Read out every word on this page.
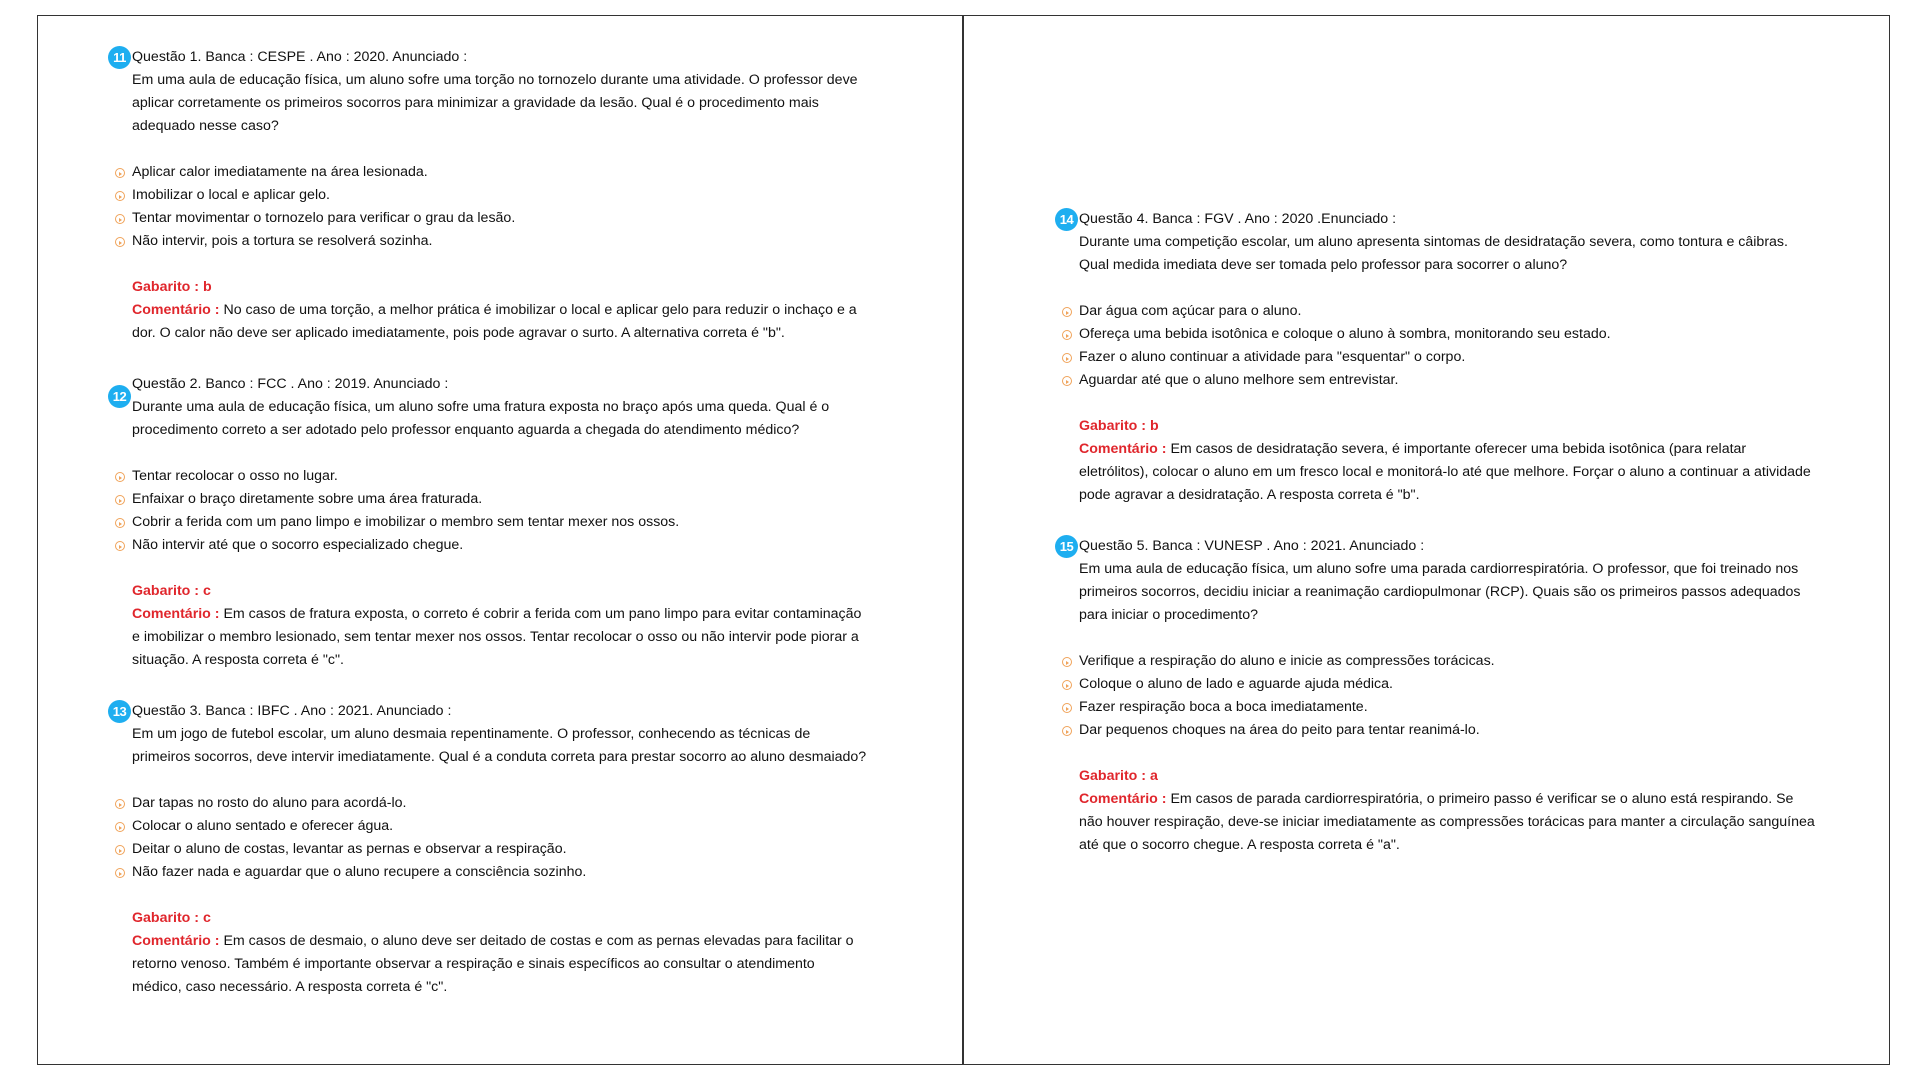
11 Questão 1. Banca : CESPE . Ano : 2020. Anunciado :

Em uma aula de educação física, um aluno sofre uma torção no tornozelo durante uma atividade. O professor deve aplicar corretamente os primeiros socorros para minimizar a gravidade da lesão. Qual é o procedimento mais adequado nesse caso?

Aplicar calor imediatamente na área lesionada.

Imobilizar o local e aplicar gelo.

Tentar movimentar o tornozelo para verificar o grau da lesão.

Não intervir, pois a tortura se resolverá sozinha.

Gabarito : b

Comentário : No caso de uma torção, a melhor prática é imobilizar o local e aplicar gelo para reduzir o inchaço e a dor. O calor não deve ser aplicado imediatamente, pois pode agravar o surto. A alternativa correta é "b".

12

Questão 2. Banco : FCC . Ano : 2019. Anunciado :

Durante uma aula de educação física, um aluno sofre uma fratura exposta no braço após uma queda. Qual é o procedimento correto a ser adotado pelo professor enquanto aguarda a chegada do atendimento médico?

Tentar recolocar o osso no lugar.

Enfaixar o braço diretamente sobre uma área fraturada.

Cobrir a ferida com um pano limpo e imobilizar o membro sem tentar mexer nos ossos.

Não intervir até que o socorro especializado chegue.

Gabarito : c

Comentário : Em casos de fratura exposta, o correto é cobrir a ferida com um pano limpo para evitar contaminação e imobilizar o membro lesionado, sem tentar mexer nos ossos. Tentar recolocar o osso ou não intervir pode piorar a situação. A resposta correta é "c".

13 Questão 3. Banca : IBFC . Ano : 2021. Anunciado :

Em um jogo de futebol escolar, um aluno desmaia repentinamente. O professor, conhecendo as técnicas de primeiros socorros, deve intervir imediatamente. Qual é a conduta correta para prestar socorro ao aluno desmaiado?

Dar tapas no rosto do aluno para acordá-lo.

Colocar o aluno sentado e oferecer água.

Deitar o aluno de costas, levantar as pernas e observar a respiração.

Não fazer nada e aguardar que o aluno recupere a consciência sozinho.

Gabarito : c

Comentário : Em casos de desmaio, o aluno deve ser deitado de costas e com as pernas elevadas para facilitar o retorno venoso. Também é importante observar a respiração e sinais específicos ao consultar o atendimento médico, caso necessário. A resposta correta é "c".

14 Questão 4. Banca : FGV . Ano : 2020 .Enunciado :

Durante uma competição escolar, um aluno apresenta sintomas de desidratação severa, como tontura e câibras. Qual medida imediata deve ser tomada pelo professor para socorrer o aluno?

Dar água com açúcar para o aluno.

Ofereça uma bebida isotônica e coloque o aluno à sombra, monitorando seu estado.

Fazer o aluno continuar a atividade para "esquentar" o corpo.

Aguardar até que o aluno melhore sem entrevistar.

Gabarito : b

Comentário : Em casos de desidratação severa, é importante oferecer uma bebida isotônica (para relatar eletrólitos), colocar o aluno em um fresco local e monitorá-lo até que melhore. Forçar o aluno a continuar a atividade pode agravar a desidratação. A resposta correta é "b".

15 Questão 5. Banca : VUNESP . Ano : 2021. Anunciado :

Em uma aula de educação física, um aluno sofre uma parada cardiorrespiratória. O professor, que foi treinado nos primeiros socorros, decidiu iniciar a reanimação cardiopulmonar (RCP). Quais são os primeiros passos adequados para iniciar o procedimento?

Verifique a respiração do aluno e inicie as compressões torácicas.

Coloque o aluno de lado e aguarde ajuda médica.

Fazer respiração boca a boca imediatamente.

Dar pequenos choques na área do peito para tentar reanimá-lo.

Gabarito : a

Comentário : Em casos de parada cardiorrespiratória, o primeiro passo é verificar se o aluno está respirando. Se não houver respiração, deve-se iniciar imediatamente as compressões torácicas para manter a circulação sanguínea até que o socorro chegue. A resposta correta é "a".
